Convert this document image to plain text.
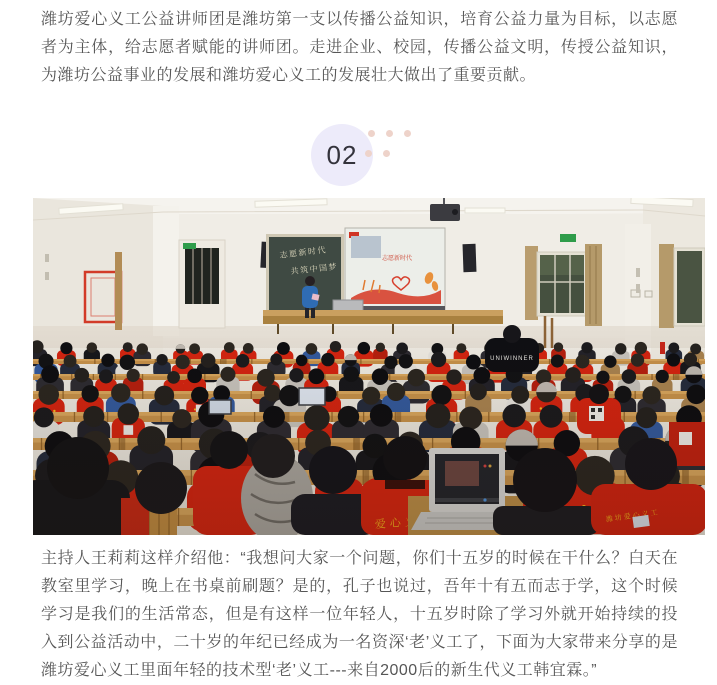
潍坊爱心义工公益讲师团是潍坊第一支以传播公益知识，培育公益力量为目标，以志愿者为主体，给志愿者赋能的讲师团。走进企业、校园，传播公益文明，传授公益知识，为潍坊公益事业的发展和潍坊爱心义工的发展壮大做出了重要贡献。

02
志愿新时代
共筑中国梦
志愿新时代

主持人王莉莉这样介绍他：“我想问大家一个问题，你们十五岁的时候在干什么？白天在教室里学习，晚上在书桌前刷题？是的，孔子也说过，吾年十有五而志于学，这个时候学习是我们的生活常态，但是有这样一位年轻人，十五岁时除了学习外就开始持续的投入到公益活动中，二十岁的年纪已经成为一名资深‘老’义工了，下面为大家带来分享的是潍坊爱心义工里面年轻的技术型‘老’义工---来自2000后的新生代义工韩宜霖。”
